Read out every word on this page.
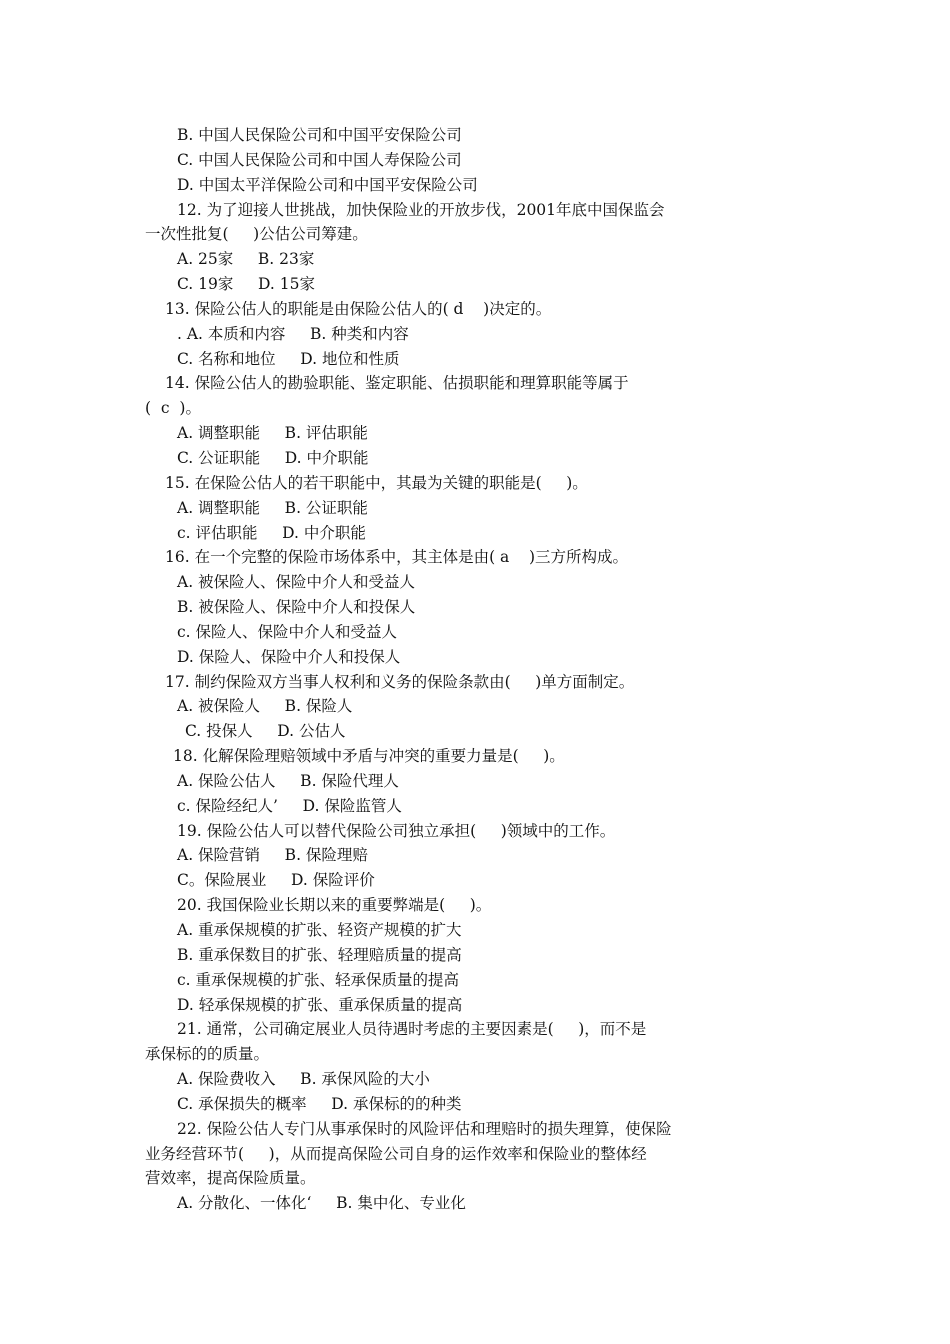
B. 中国人民保险公司和中国平安保险公司

C. 中国人民保险公司和中国人寿保险公司

D. 中国太平洋保险公司和中国平安保险公司

12. 为了迎接人世挑战，加快保险业的开放步伐，2001年底中国保监会

一次性批复(     )公估公司筹建。

A. 25家     B. 23家

C. 19家     D. 15家

13. 保险公估人的职能是由保险公估人的( d    )决定的。

. A. 本质和内容     B. 种类和内容

C. 名称和地位     D. 地位和性质

14. 保险公估人的勘验职能、鉴定职能、估损职能和理算职能等属于

(  c  )。

A. 调整职能     B. 评估职能

C. 公证职能     D. 中介职能

15. 在保险公估人的若干职能中，其最为关键的职能是(     )。

A. 调整职能     B. 公证职能

c. 评估职能     D. 中介职能

16. 在一个完整的保险市场体系中，其主体是由( a    )三方所构成。

A. 被保险人、保险中介人和受益人

B. 被保险人、保险中介人和投保人

c. 保险人、保险中介人和受益人

D. 保险人、保险中介人和投保人

17. 制约保险双方当事人权利和义务的保险条款由(     )单方面制定。

A. 被保险人     B. 保险人

C. 投保人     D. 公估人

18. 化解保险理赔领域中矛盾与冲突的重要力量是(     )。

A. 保险公估人     B. 保险代理人

c. 保险经纪人’     D. 保险监管人

19. 保险公估人可以替代保险公司独立承担(     )领域中的工作。

A. 保险营销     B. 保险理赔

C。保险展业     D. 保险评价

20. 我国保险业长期以来的重要弊端是(     )。

A. 重承保规模的扩张、轻资产规模的扩大

B. 重承保数目的扩张、轻理赔质量的提高

c. 重承保规模的扩张、轻承保质量的提高

D. 轻承保规模的扩张、重承保质量的提高

21. 通常，公司确定展业人员待遇时考虑的主要因素是(     )，而不是

承保标的的质量。

A. 保险费收入     B. 承保风险的大小

C. 承保损失的概率     D. 承保标的的种类

22. 保险公估人专门从事承保时的风险评估和理赔时的损失理算，使保险

业务经营环节(     )，从而提高保险公司自身的运作效率和保险业的整体经

营效率，提高保险质量。

A. 分散化、一体化‘     B. 集中化、专业化
